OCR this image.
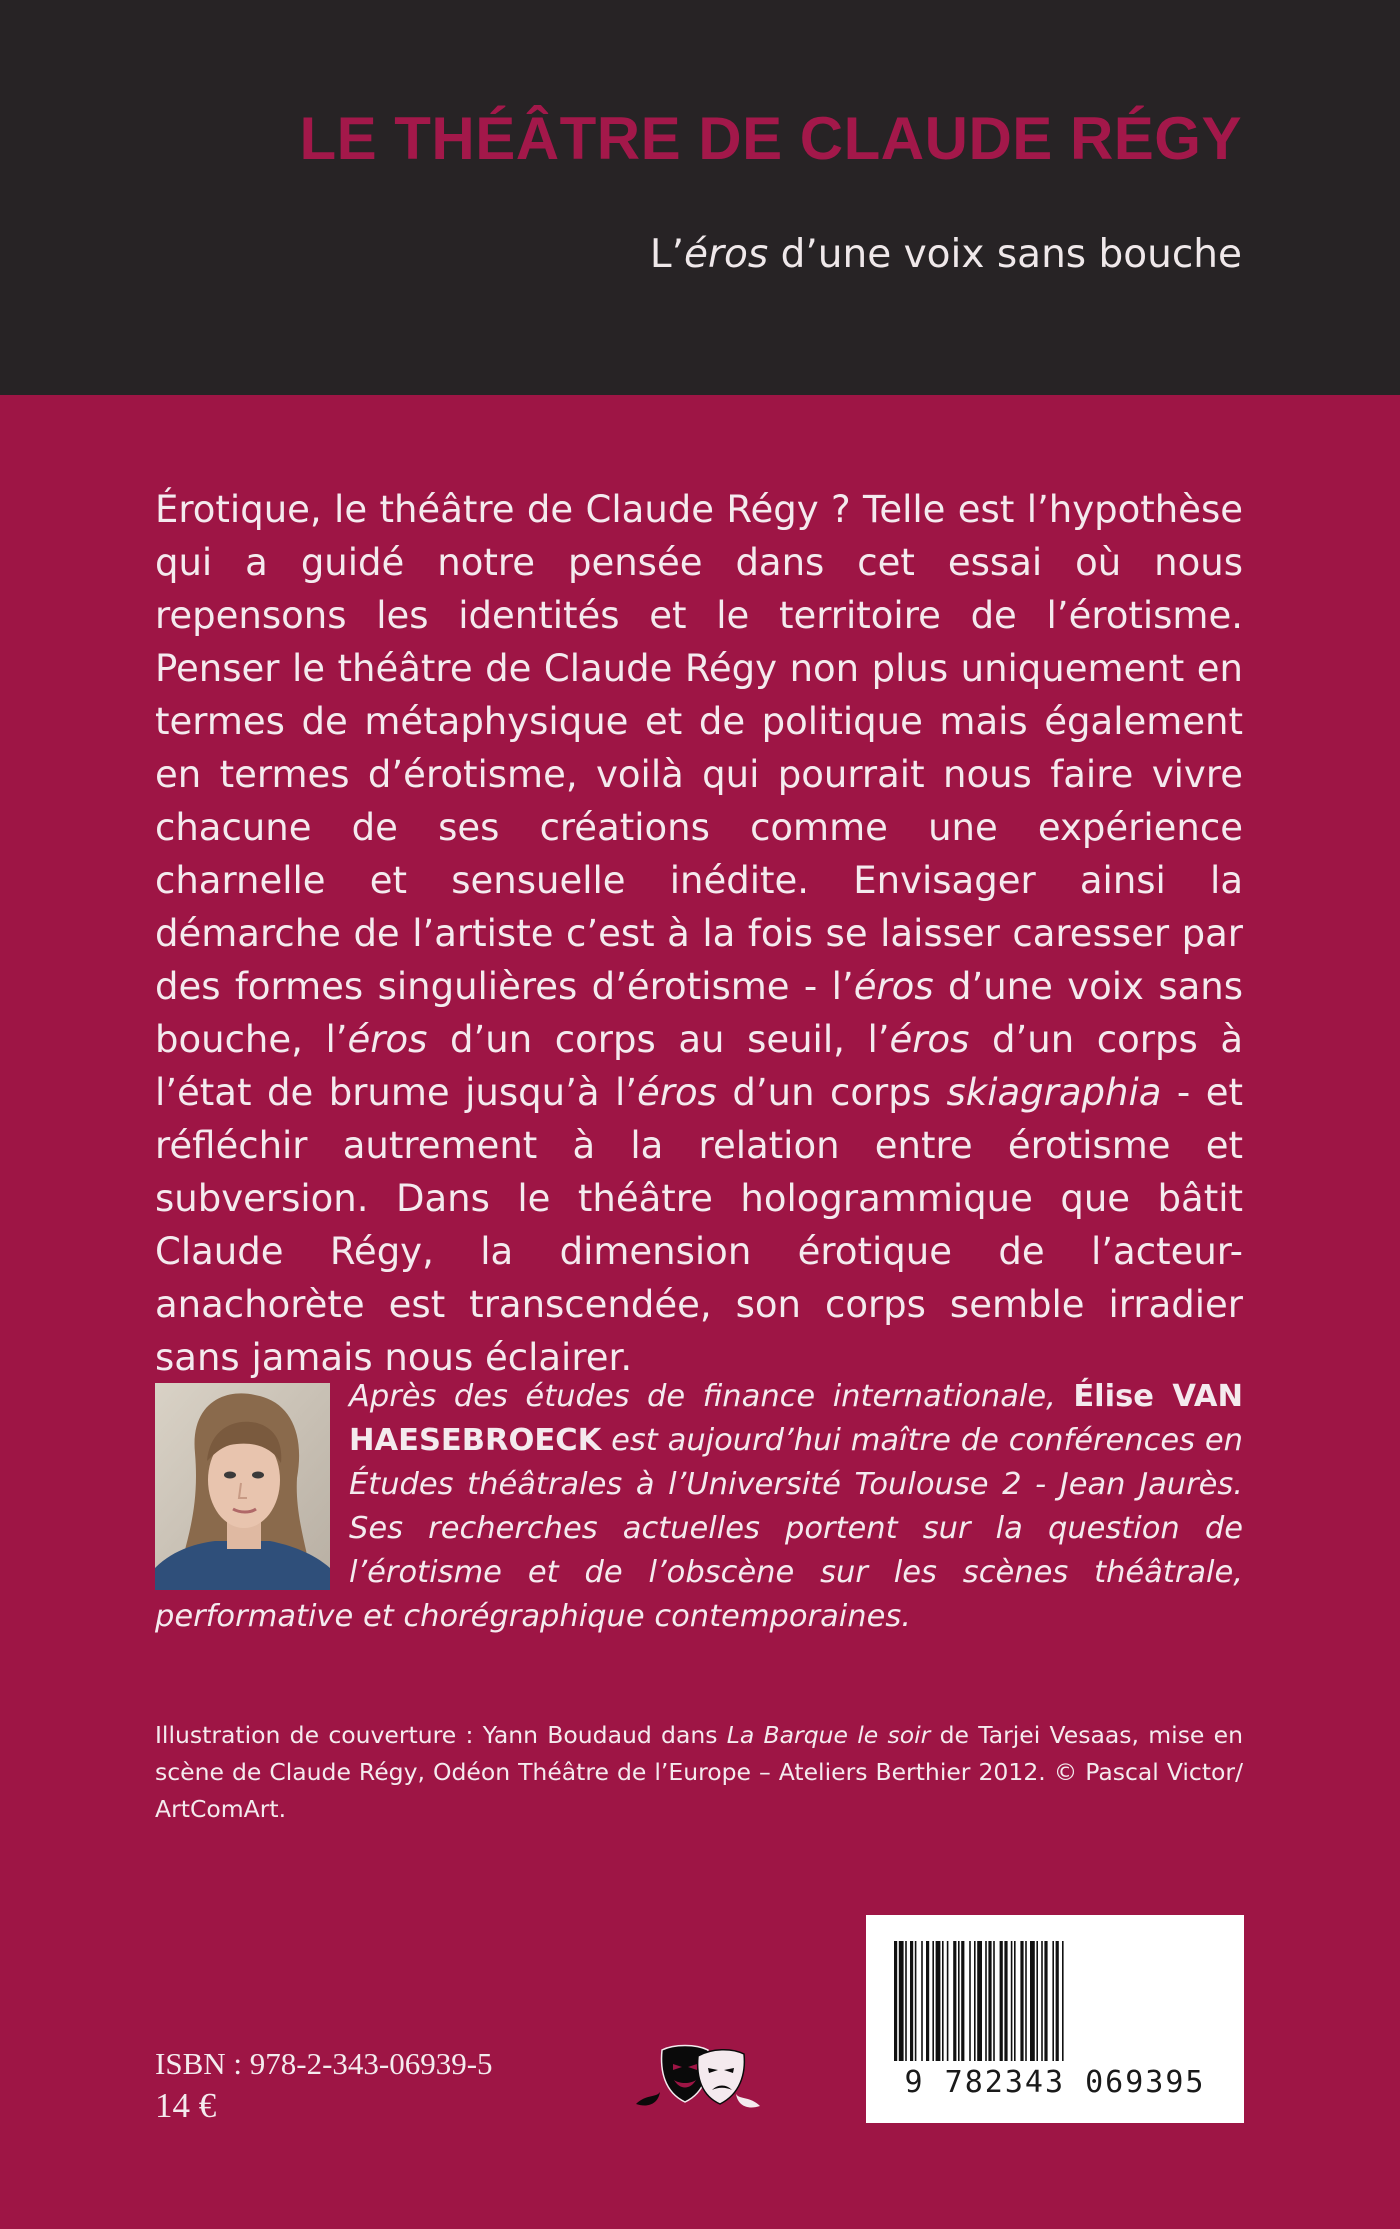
LE THÉÂTRE DE CLAUDE RÉGY

L’éros d’une voix sans bouche

Érotique, le théâtre de Claude Régy ? Telle est l’hypothèse qui a guidé notre pensée dans cet essai où nous repensons les identités et le territoire de l’érotisme. Penser le théâtre de Claude Régy non plus uniquement en termes de métaphysique et de politique mais également en termes d’érotisme, voilà qui pourrait nous faire vivre chacune de ses créations comme une expérience charnelle et sensuelle inédite. Envisager ainsi la démarche de l’artiste c’est à la fois se laisser caresser par des formes singulières d’érotisme - l’éros d’une voix sans bouche, l’éros d’un corps au seuil, l’éros d’un corps à l’état de brume jusqu’à l’éros d’un corps skiagraphia - et réfléchir autrement à la relation entre érotisme et subversion. Dans le théâtre hologrammique que bâtit Claude Régy, la dimension érotique de l’acteur-anachorète est transcendée, son corps semble irradier sans jamais nous éclairer.

Après des études de finance internationale, Élise VAN HAESEBROECK est aujourd’hui maître de conférences en Études théâtrales à l’Université Toulouse 2 - Jean Jaurès. Ses recherches actuelles portent sur la question de l’érotisme et de l’obscène sur les scènes théâtrale, performative et chorégraphique contemporaines.

Illustration de couverture : Yann Boudaud dans La Barque le soir de Tarjei Vesaas, mise en scène de Claude Régy, Odéon Théâtre de l’Europe – Ateliers Berthier 2012. © Pascal Victor/ ArtComArt.

9 782343 069395

ISBN : 978-2-343-06939-5

14 €
